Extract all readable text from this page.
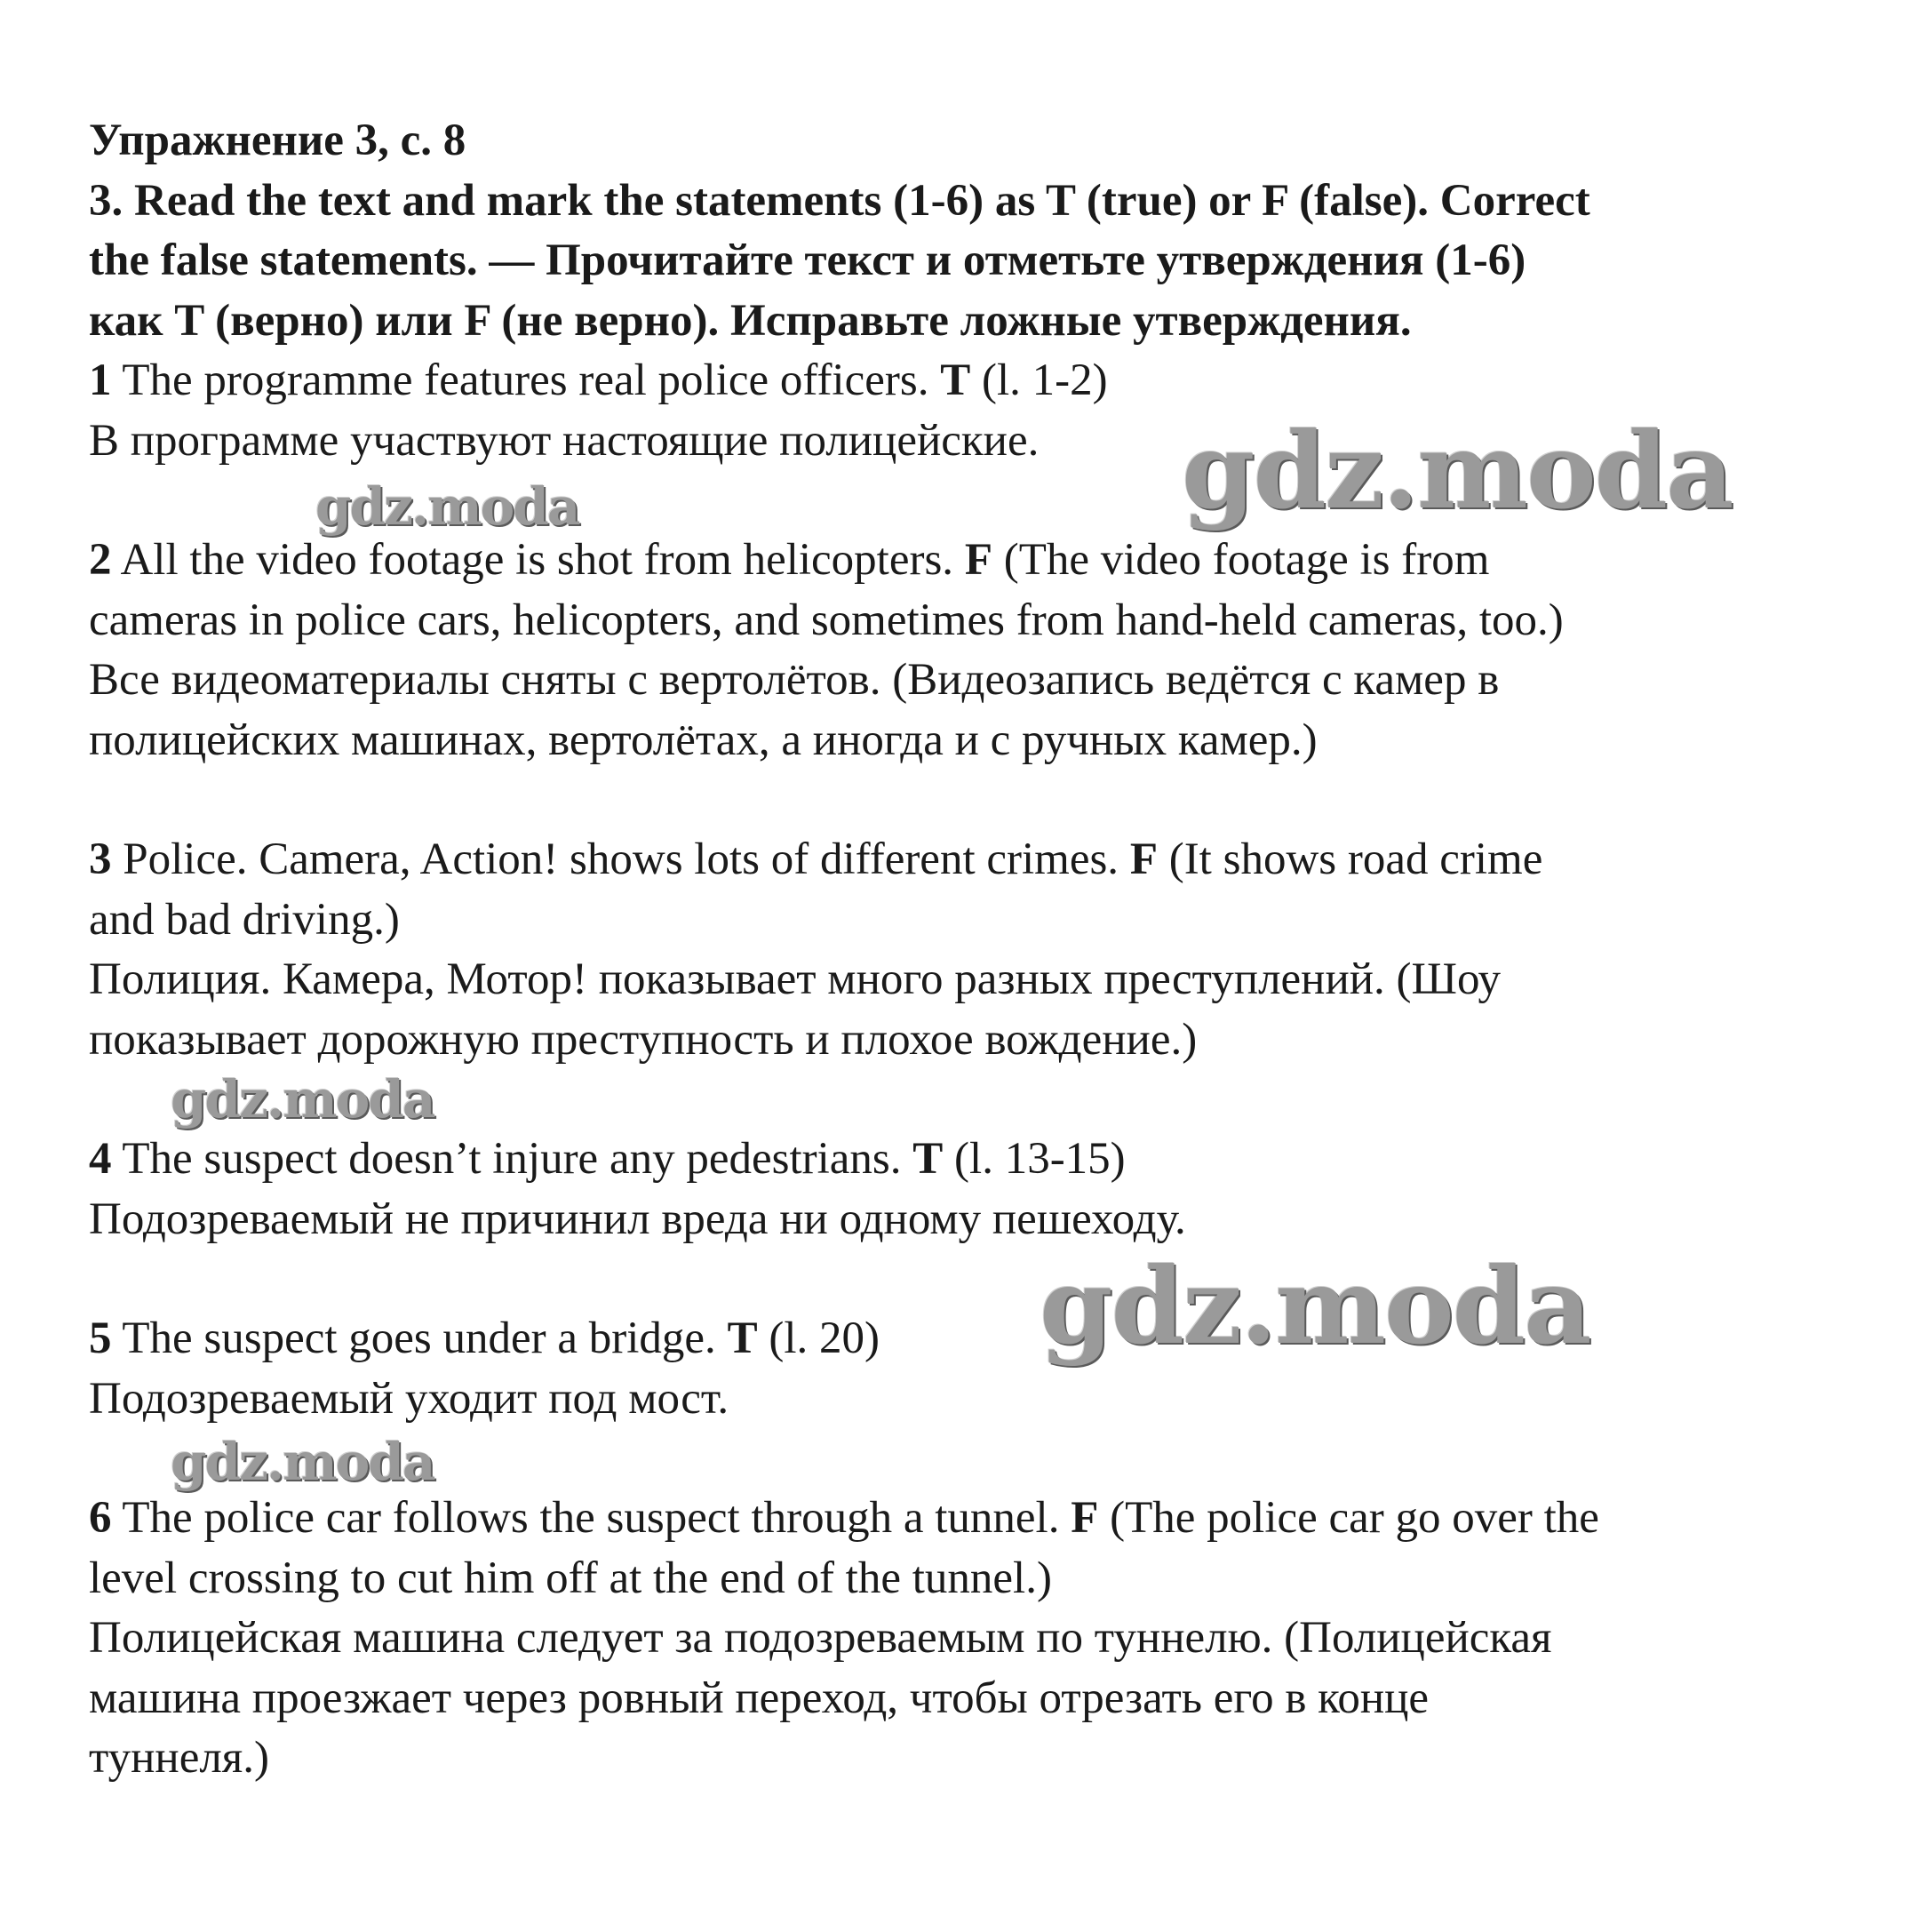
Упражнение 3, с. 8
3. Read the text and mark the statements (1-6) as T (true) or F (false). Correct
the false statements. — Прочитайте текст и отметьте утверждения (1-6)
как T (верно) или F (не верно). Исправьте ложные утверждения.
1 The programme features real police officers. T (l. 1-2)
В программе участвуют настоящие полицейские.
2 All the video footage is shot from helicopters. F (The video footage is from
cameras in police cars, helicopters, and sometimes from hand-held cameras, too.)
Все видеоматериалы сняты с вертолётов. (Видеозапись ведётся с камер в
полицейских машинах, вертолётах, а иногда и с ручных камер.)
3 Police. Camera, Action! shows lots of different crimes. F (It shows road crime
and bad driving.)
Полиция. Камера, Мотор! показывает много разных преступлений. (Шоу
показывает дорожную преступность и плохое вождение.)
4 The suspect doesn’t injure any pedestrians. T (l. 13-15)
Подозреваемый не причинил вреда ни одному пешеходу.
5 The suspect goes under a bridge. T (l. 20)
Подозреваемый уходит под мост.
6 The police car follows the suspect through a tunnel. F (The police car go over the
level crossing to cut him off at the end of the tunnel.)
Полицейская машина следует за подозреваемым по туннелю. (Полицейская
машина проезжает через ровный переход, чтобы отрезать его в конце
туннеля.)
gdz.moda
gdz.moda
gdz.moda
gdz.moda
gdz.moda
